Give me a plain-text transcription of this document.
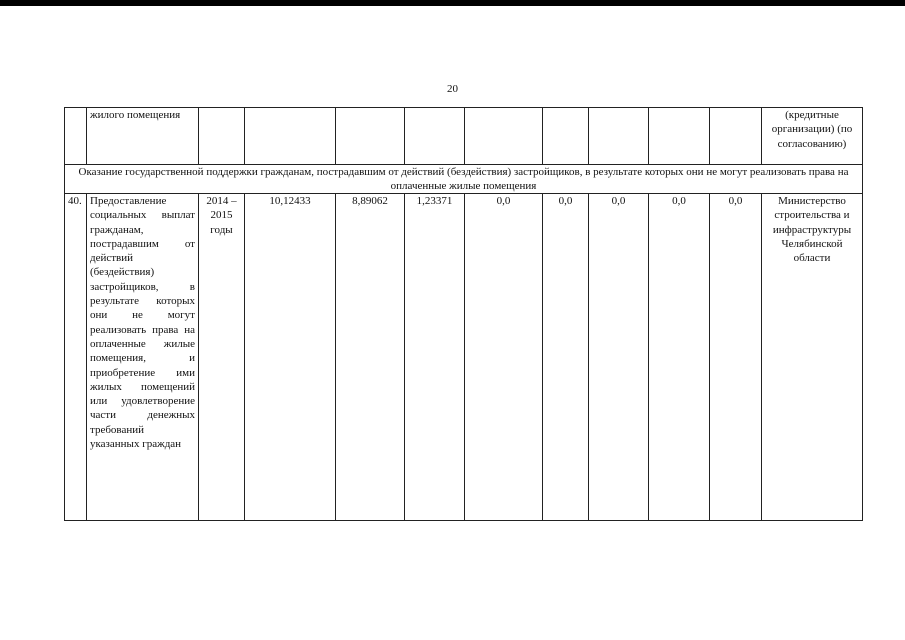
20
	жилого помещения										(кредитные организации) (по согласованию)
Оказание государственной поддержки гражданам, пострадавшим от действий (бездействия) застройщиков, в результате которых они не могут реализовать права на оплаченные жилые помещения											
40.	Предоставление социальных выплат гражданам, пострадавшим от действий (бездействия) застройщиков, в результате которых они не могут реализовать права на оплаченные жилые помещения, и приобретение ими жилых помещений или удовлетворение части денежных требований указанных граждан	2014 – 2015 годы	10,12433	8,89062	1,23371	0,0	0,0	0,0	0,0	0,0	Министерство строительства и инфраструктуры Челябинской области
